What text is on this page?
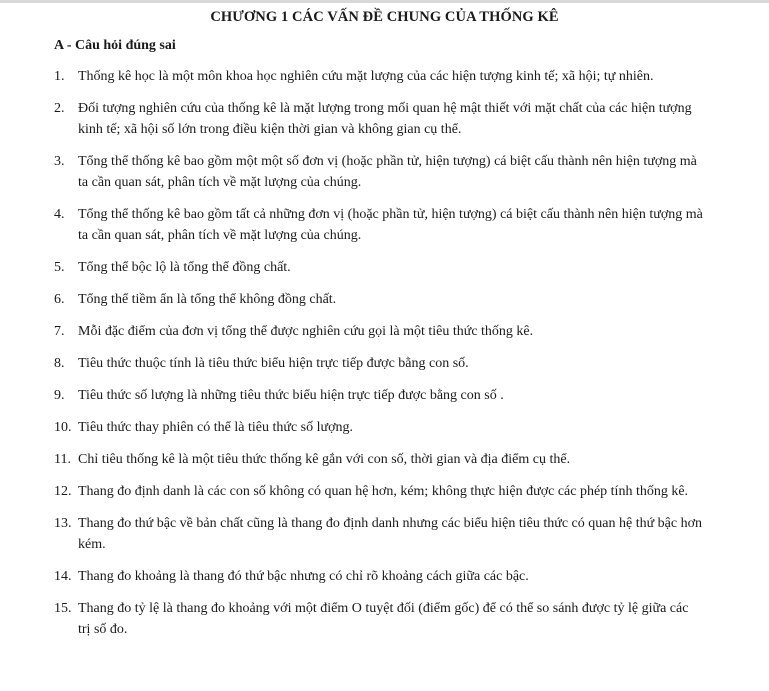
CHƯƠNG 1 CÁC VẤN ĐỀ CHUNG CỦA THỐNG KÊ
A - Câu hỏi đúng sai
1. Thống kê học là một môn khoa học nghiên cứu mặt lượng của các hiện tượng kinh tế; xã hội; tự nhiên.
2. Đối tượng nghiên cứu của thống kê là mặt lượng trong mối quan hệ mật thiết với mặt chất của các hiện tượng kinh tế; xã hội số lớn trong điều kiện thời gian và không gian cụ thể.
3. Tổng thể thống kê bao gồm một một số đơn vị (hoặc phần tử, hiện tượng) cá biệt cấu thành nên hiện tượng mà ta cần quan sát, phân tích về mặt lượng của chúng.
4. Tổng thể thống kê bao gồm tất cả những đơn vị (hoặc phần tử, hiện tượng) cá biệt cấu thành nên hiện tượng mà ta cần quan sát, phân tích về mặt lượng của chúng.
5. Tổng thể bộc lộ là tổng thể đồng chất.
6. Tổng thể tiềm ẩn là tổng thể không đồng chất.
7. Mỗi đặc điểm của đơn vị tổng thể được nghiên cứu gọi là một tiêu thức thống kê.
8. Tiêu thức thuộc tính là tiêu thức biểu hiện trực tiếp được bằng con số.
9. Tiêu thức số lượng là những tiêu thức biểu hiện trực tiếp được bằng con số .
10. Tiêu thức thay phiên có thể là tiêu thức số lượng.
11. Chỉ tiêu thống kê là một tiêu thức thống kê gắn với con số, thời gian và địa điểm cụ thể.
12. Thang đo định danh là các con số không có quan hệ hơn, kém; không thực hiện được các phép tính thống kê.
13. Thang đo thứ bậc về bản chất cũng là thang đo định danh nhưng các biểu hiện tiêu thức có quan hệ thứ bậc hơn kém.
14. Thang đo khoảng là thang đó thứ bậc nhưng có chỉ rõ khoảng cách giữa các bậc.
15. Thang đo tỷ lệ là thang đo khoảng với một điểm O tuyệt đối (điểm gốc) để có thể so sánh được tỷ lệ giữa các trị số đo.
